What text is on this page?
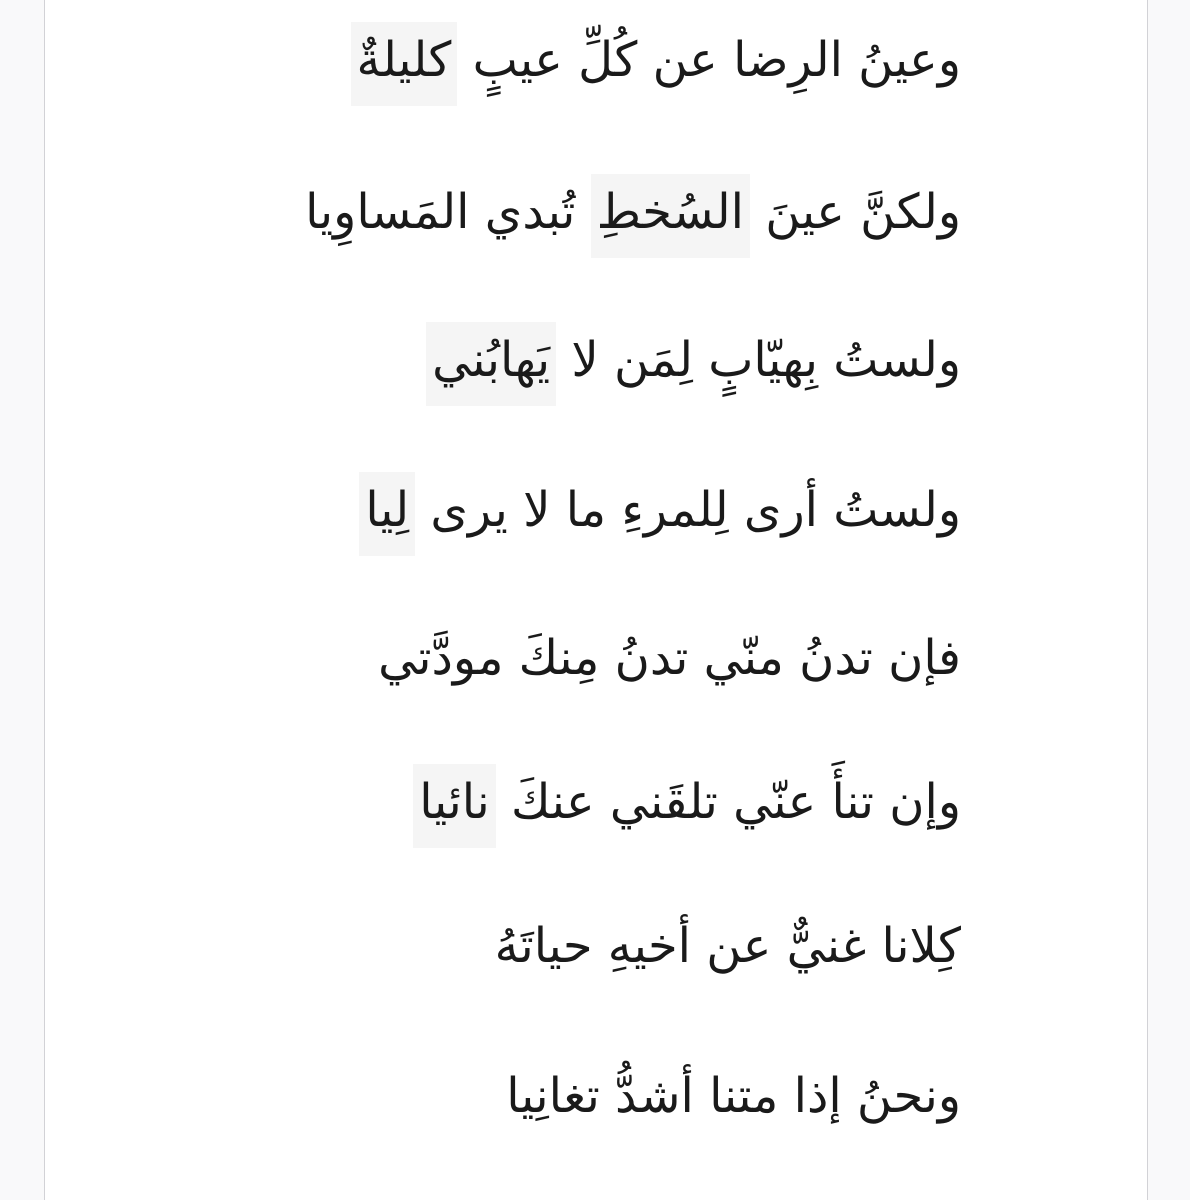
وعينُ الرِضا عن كُلِّ عيبٍ كليلةٌ
ولكنَّ عينَ السُخطِ تُبدي المَساوِيا
ولستُ بِهيّابٍ لِمَن لا يَهابُني
ولستُ أرى لِلمرءِ ما لا يرى لِيا
فإن تدنُ منّي تدنُ مِنكَ مودَّتي
وإن تنأَ عنّي تلقَني عنكَ نائيا
كِلانا غنيٌّ عن أخيهِ حياتَهُ
ونحنُ إذا متنا أشدُّ تغانِيا
